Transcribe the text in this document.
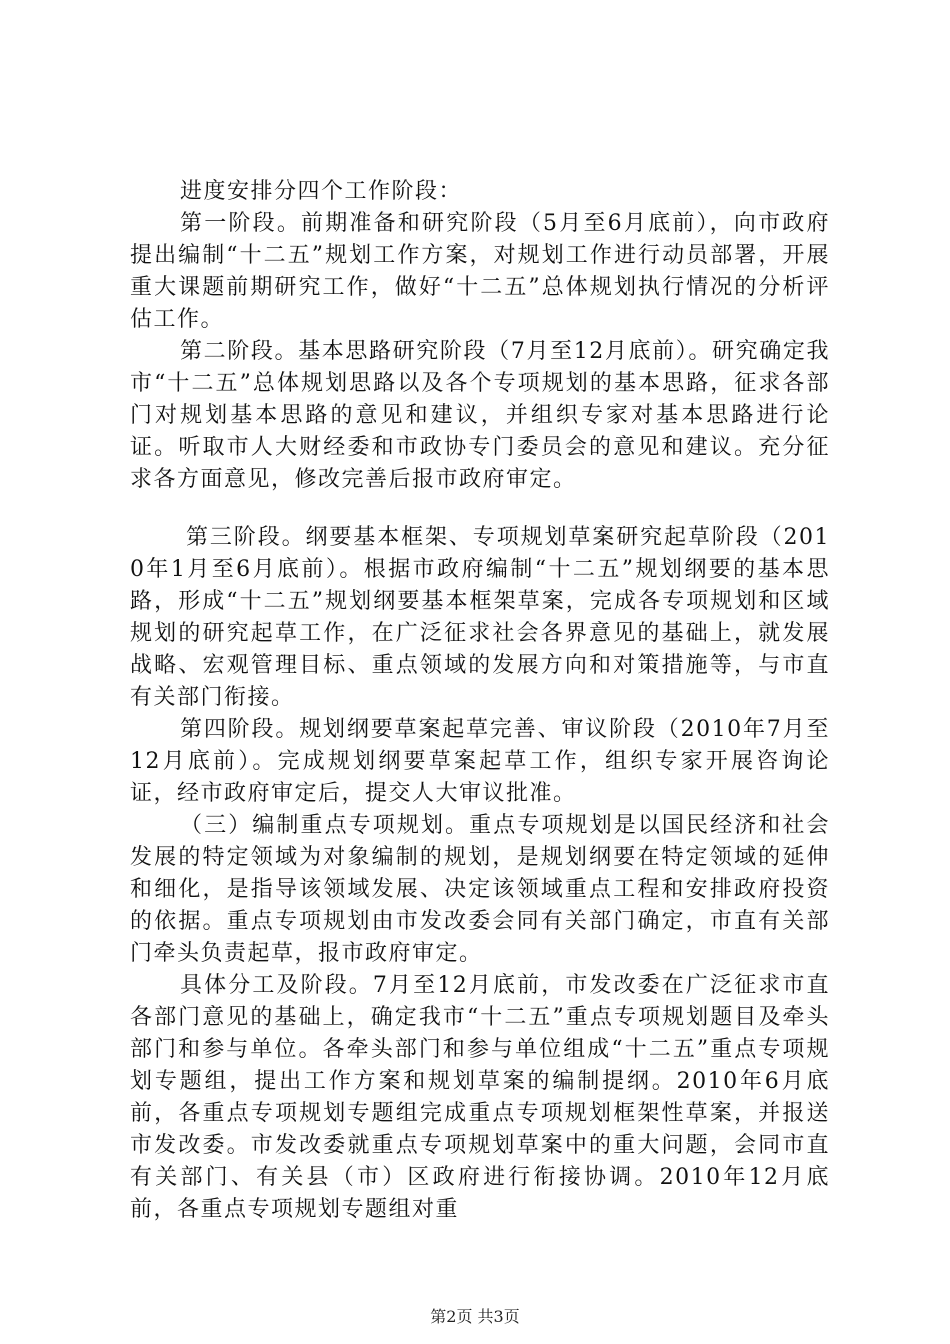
进度安排分四个工作阶段：

第一阶段。前期准备和研究阶段（5月至6月底前），向市政府提出编制“十二五”规划工作方案，对规划工作进行动员部署，开展重大课题前期研究工作，做好“十二五”总体规划执行情况的分析评估工作。

第二阶段。基本思路研究阶段（7月至12月底前）。研究确定我市“十二五”总体规划思路以及各个专项规划的基本思路，征求各部门对规划基本思路的意见和建议，并组织专家对基本思路进行论证。听取市人大财经委和市政协专门委员会的意见和建议。充分征求各方面意见，修改完善后报市政府审定。

第三阶段。纲要基本框架、专项规划草案研究起草阶段（2010年1月至6月底前）。根据市政府编制“十二五”规划纲要的基本思路，形成“十二五”规划纲要基本框架草案，完成各专项规划和区域规划的研究起草工作，在广泛征求社会各界意见的基础上，就发展战略、宏观管理目标、重点领域的发展方向和对策措施等，与市直有关部门衔接。

第四阶段。规划纲要草案起草完善、审议阶段（2010年7月至12月底前）。完成规划纲要草案起草工作，组织专家开展咨询论证，经市政府审定后，提交人大审议批准。

（三）编制重点专项规划。重点专项规划是以国民经济和社会发展的特定领域为对象编制的规划，是规划纲要在特定领域的延伸和细化，是指导该领域发展、决定该领域重点工程和安排政府投资的依据。重点专项规划由市发改委会同有关部门确定，市直有关部门牵头负责起草，报市政府审定。

具体分工及阶段。7月至12月底前，市发改委在广泛征求市直各部门意见的基础上，确定我市“十二五”重点专项规划题目及牵头部门和参与单位。各牵头部门和参与单位组成“十二五”重点专项规划专题组，提出工作方案和规划草案的编制提纲。2010年6月底前，各重点专项规划专题组完成重点专项规划框架性草案，并报送市发改委。市发改委就重点专项规划草案中的重大问题，会同市直有关部门、有关县（市）区政府进行衔接协调。2010年12月底前，各重点专项规划专题组对重

第2页 共3页
